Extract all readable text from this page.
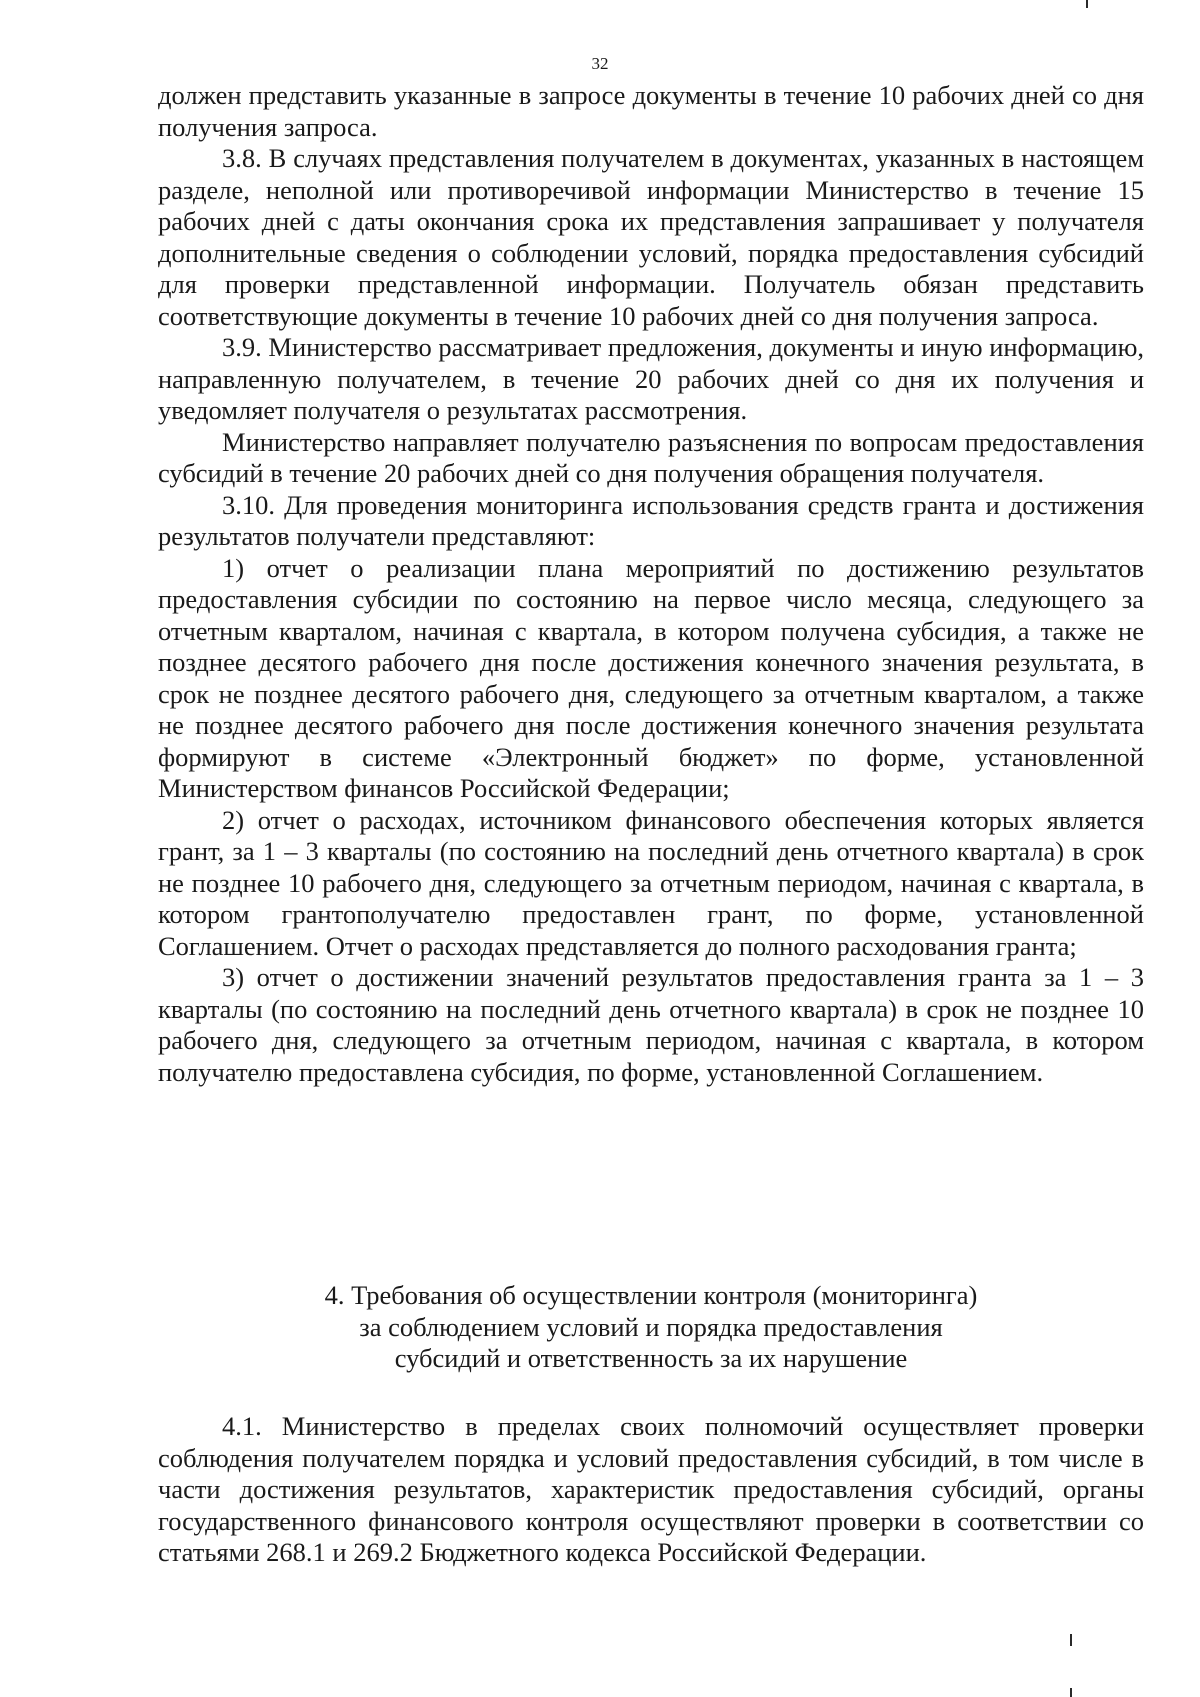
32

должен представить указанные в запросе документы в течение 10 рабочих дней со дня получения запроса.

3.8. В случаях представления получателем в документах, указанных в настоящем разделе, неполной или противоречивой информации Министерство в течение 15 рабочих дней с даты окончания срока их представления запрашивает у получателя дополнительные сведения о соблюдении условий, порядка предоставления субсидий для проверки представленной информации. Получатель обязан представить соответствующие документы в течение 10 рабочих дней со дня получения запроса.

3.9. Министерство рассматривает предложения, документы и иную информацию, направленную получателем, в течение 20 рабочих дней со дня их получения и уведомляет получателя о результатах рассмотрения.

Министерство направляет получателю разъяснения по вопросам предоставления субсидий в течение 20 рабочих дней со дня получения обращения получателя.

3.10. Для проведения мониторинга использования средств гранта и достижения результатов получатели представляют:

1) отчет о реализации плана мероприятий по достижению результатов предоставления субсидии по состоянию на первое число месяца, следующего за отчетным кварталом, начиная с квартала, в котором получена субсидия, а также не позднее десятого рабочего дня после достижения конечного значения результата, в срок не позднее десятого рабочего дня, следующего за отчетным кварталом, а также не позднее десятого рабочего дня после достижения конечного значения результата формируют в системе «Электронный бюджет» по форме, установленной Министерством финансов Российской Федерации;

2) отчет о расходах, источником финансового обеспечения которых является грант, за 1 – 3 кварталы (по состоянию на последний день отчетного квартала) в срок не позднее 10 рабочего дня, следующего за отчетным периодом, начиная с квартала, в котором грантополучателю предоставлен грант, по форме, установленной Соглашением. Отчет о расходах представляется до полного расходования гранта;

3) отчет о достижении значений результатов предоставления гранта за 1 – 3 кварталы (по состоянию на последний день отчетного квартала) в срок не позднее 10 рабочего дня, следующего за отчетным периодом, начиная с квартала, в котором получателю предоставлена субсидия, по форме, установленной Соглашением.

4. Требования об осуществлении контроля (мониторинга)
за соблюдением условий и порядка предоставления
субсидий и ответственность за их нарушение

4.1. Министерство в пределах своих полномочий осуществляет проверки соблюдения получателем порядка и условий предоставления субсидий, в том числе в части достижения результатов, характеристик предоставления субсидий, органы государственного финансового контроля осуществляют проверки в соответствии со статьями 268.1 и 269.2 Бюджетного кодекса Российской Федерации.
